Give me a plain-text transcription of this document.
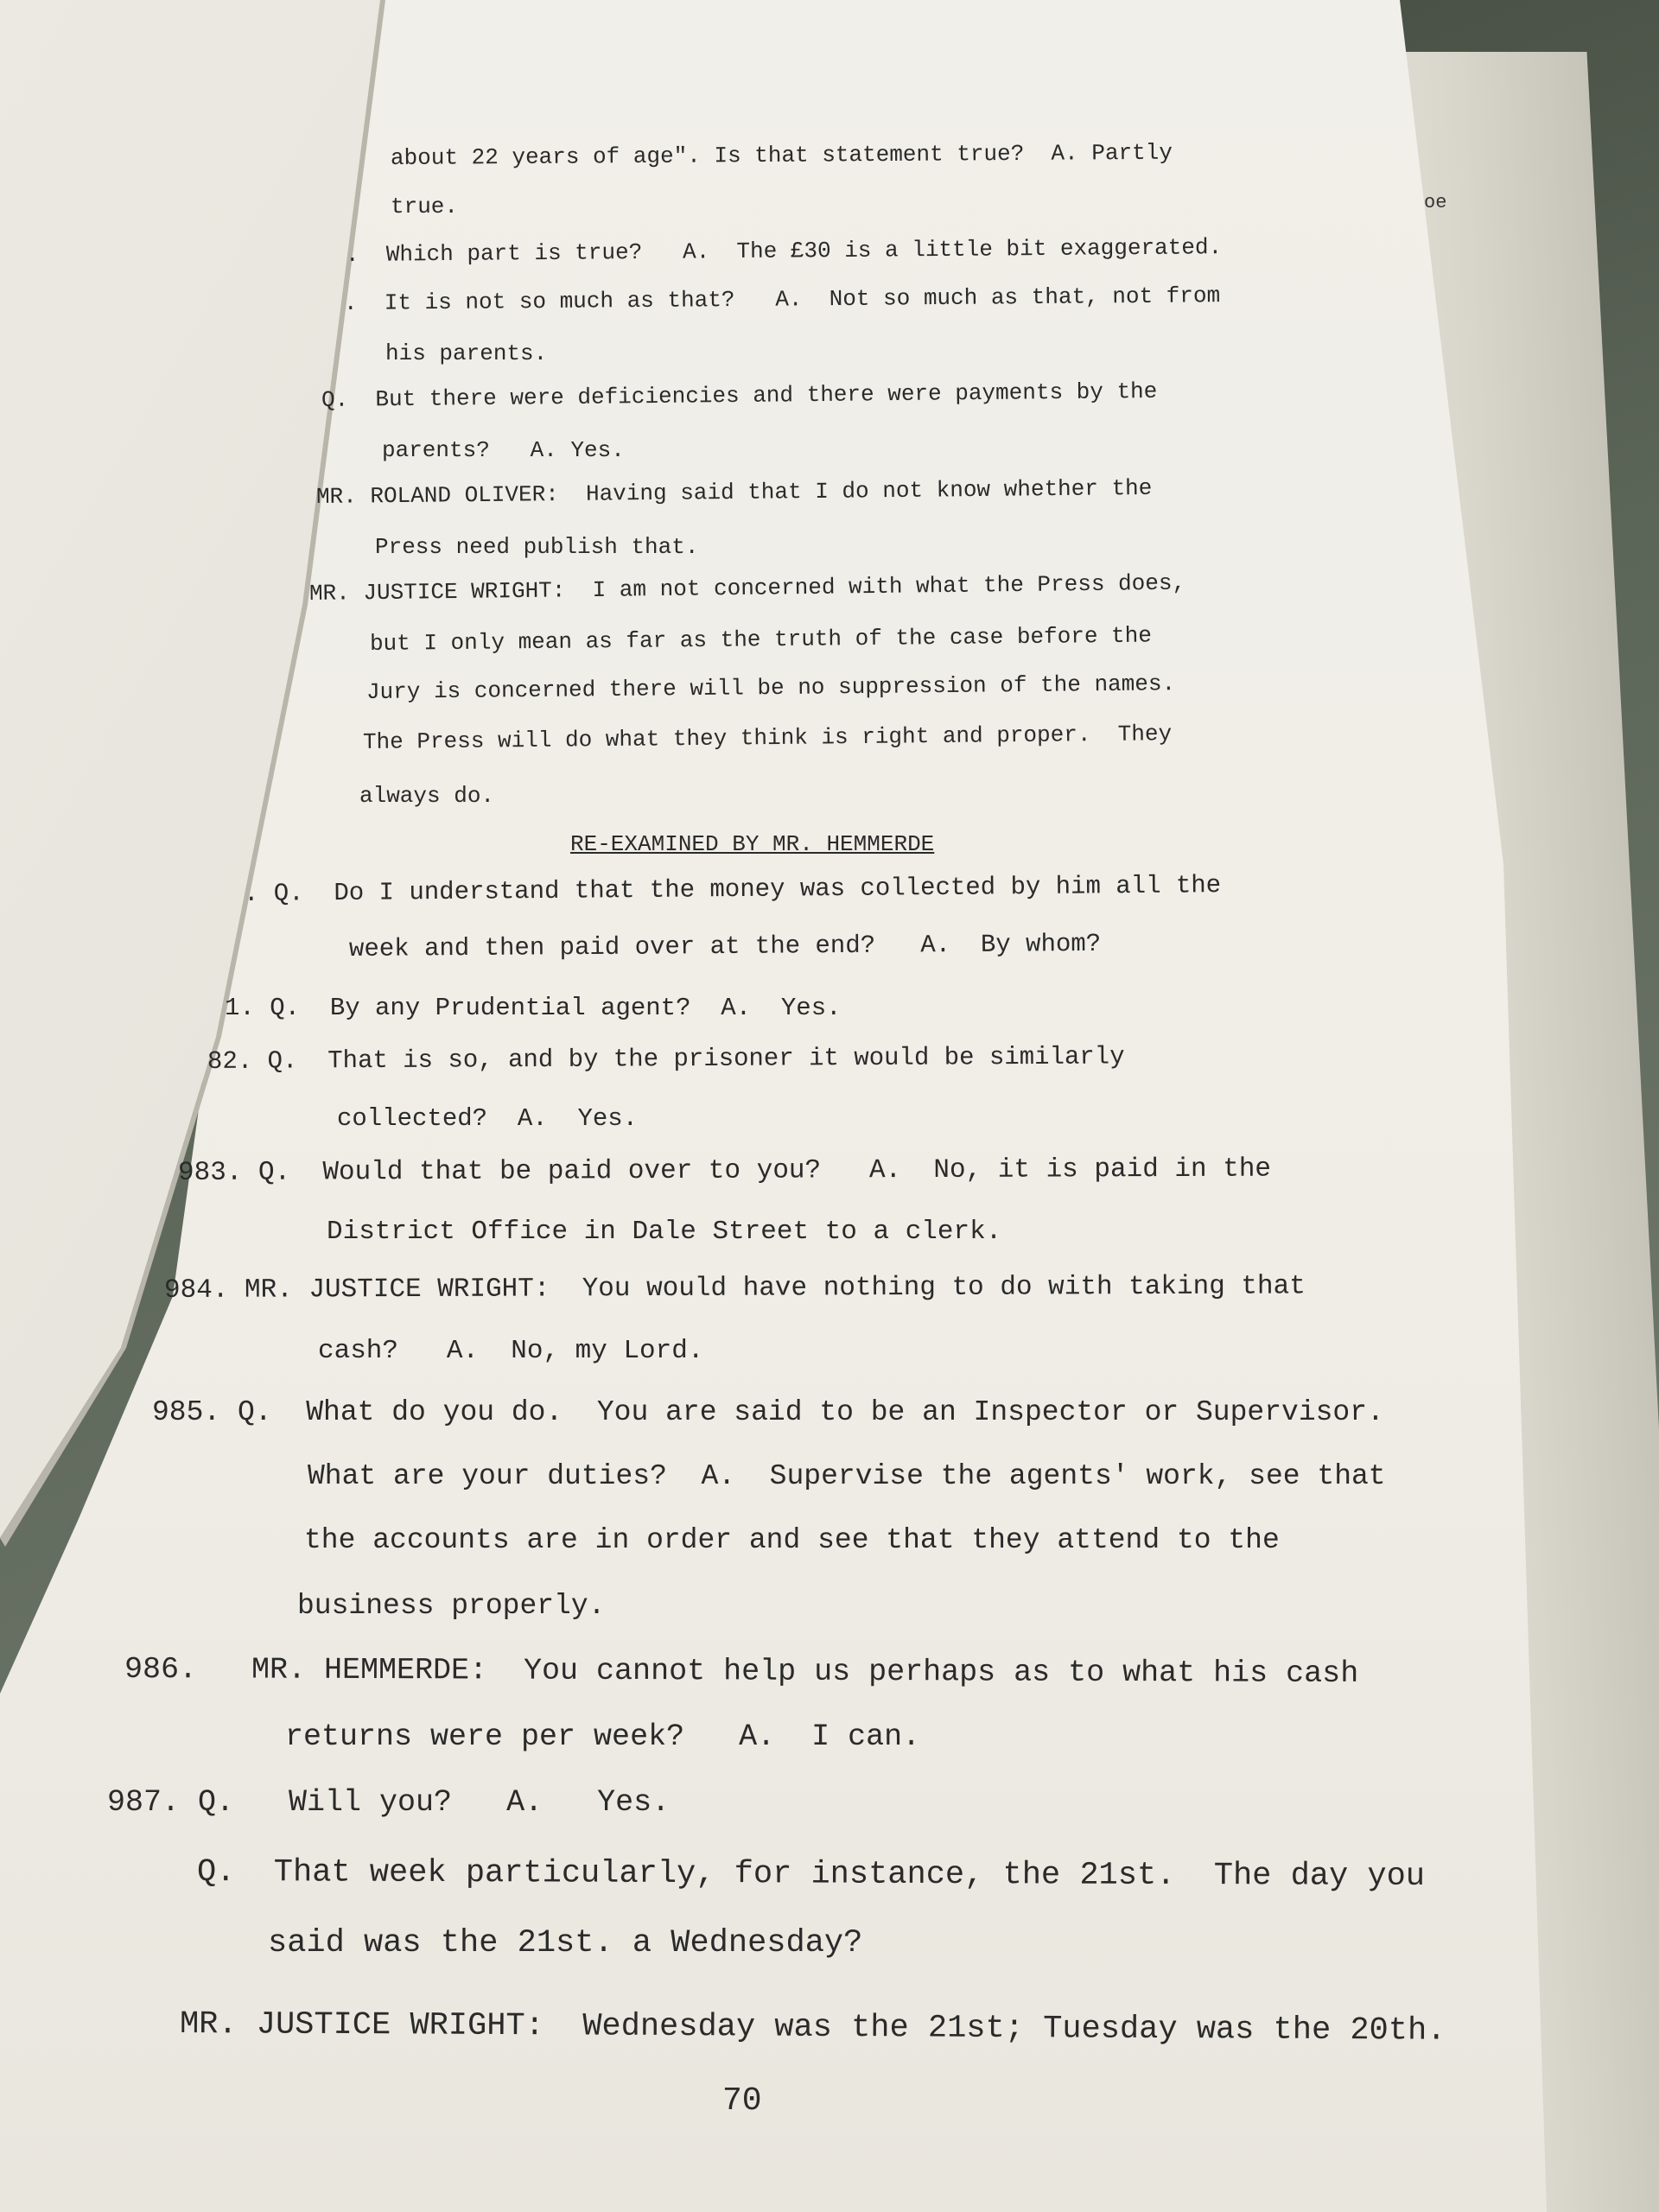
oe
about 22 years of age". Is that statement true?  A. Partly
true.
.  Which part is true?   A.  The £30 is a little bit exaggerated.
.  It is not so much as that?   A.  Not so much as that, not from
his parents.
Q.  But there were deficiencies and there were payments by the
parents?   A. Yes.
MR. ROLAND OLIVER:  Having said that I do not know whether the
Press need publish that.
MR. JUSTICE WRIGHT:  I am not concerned with what the Press does,
but I only mean as far as the truth of the case before the
Jury is concerned there will be no suppression of the names.
The Press will do what they think is right and proper.  They
always do.
RE-EXAMINED BY MR. HEMMERDE
. Q.  Do I understand that the money was collected by him all the
week and then paid over at the end?   A.  By whom?
1. Q.  By any Prudential agent?  A.  Yes.
82. Q.  That is so, and by the prisoner it would be similarly
collected?  A.  Yes.
983. Q.  Would that be paid over to you?   A.  No, it is paid in the
District Office in Dale Street to a clerk.
984. MR. JUSTICE WRIGHT:  You would have nothing to do with taking that
cash?   A.  No, my Lord.
985. Q.  What do you do.  You are said to be an Inspector or Supervisor.
What are your duties?  A.  Supervise the agents' work, see that
the accounts are in order and see that they attend to the
business properly.
986.   MR. HEMMERDE:  You cannot help us perhaps as to what his cash
returns were per week?   A.  I can.
987. Q.   Will you?   A.   Yes.
Q.  That week particularly, for instance, the 21st.  The day you
said was the 21st. a Wednesday?
MR. JUSTICE WRIGHT:  Wednesday was the 21st; Tuesday was the 20th.
70
